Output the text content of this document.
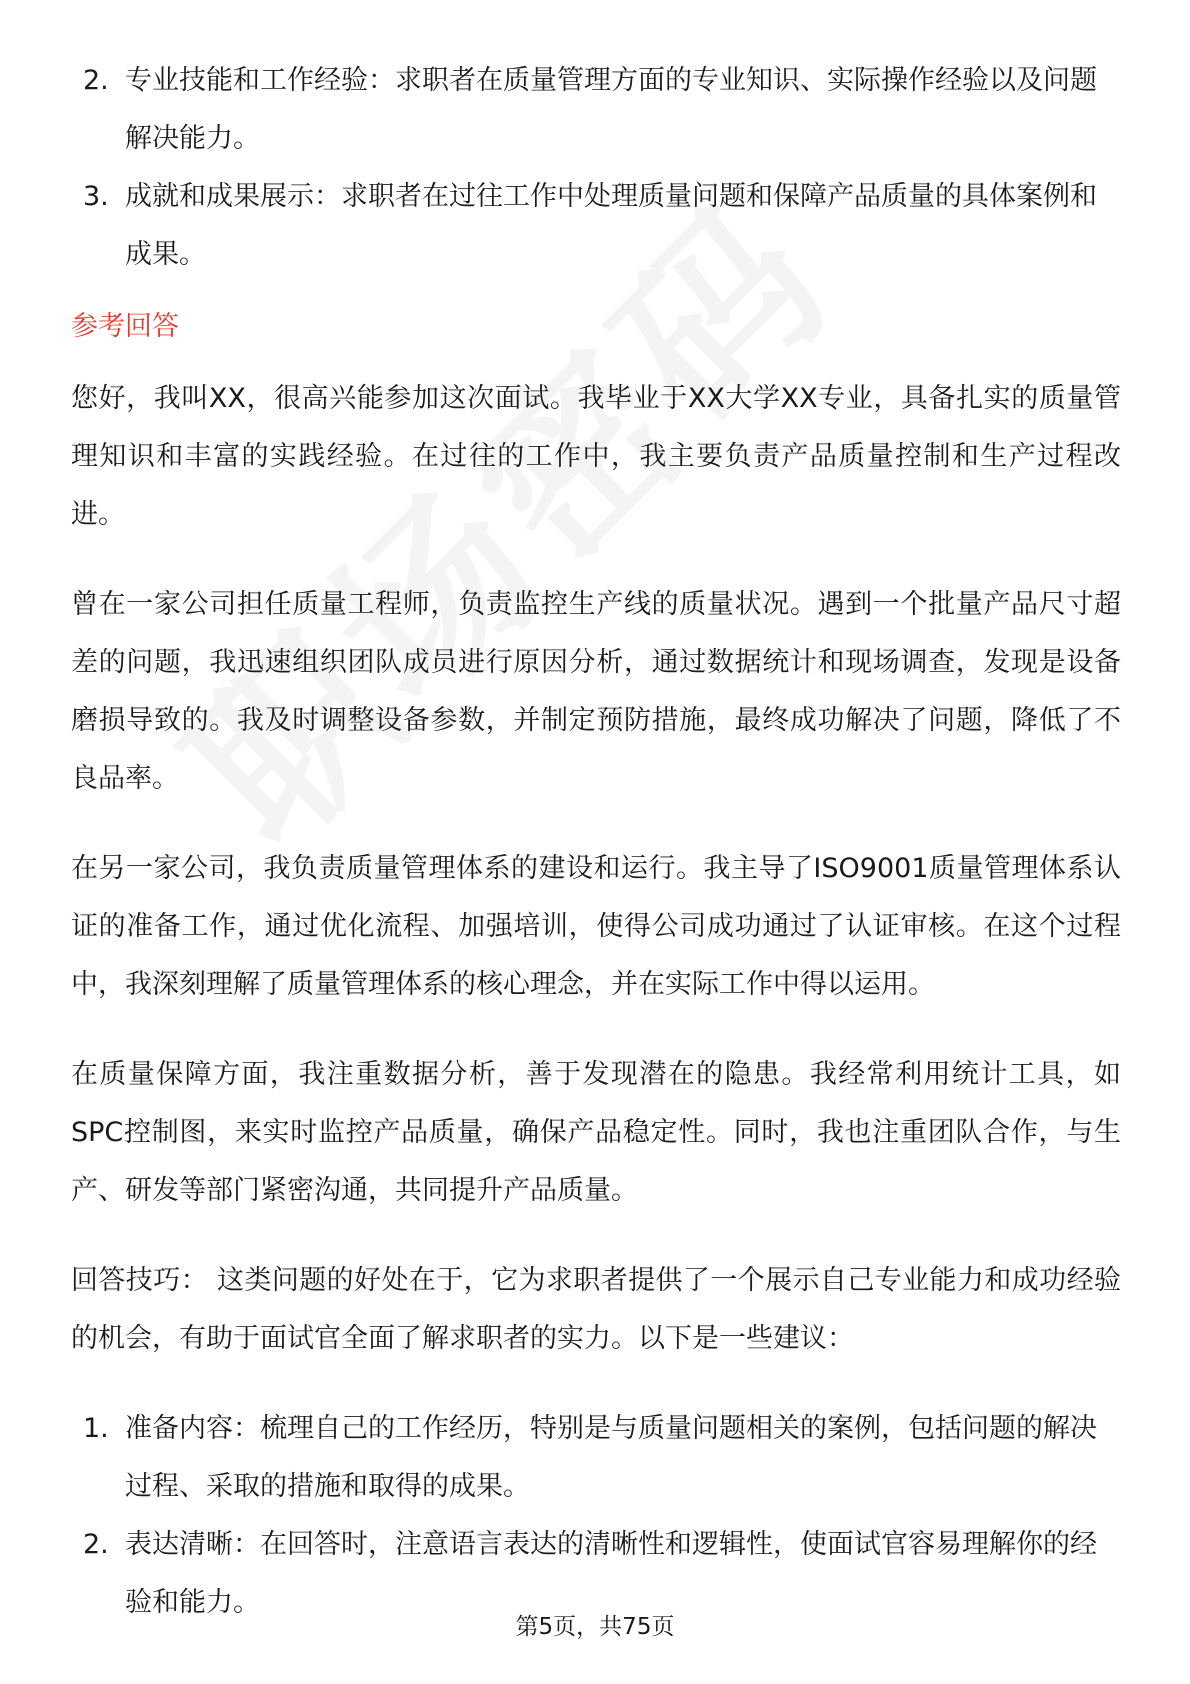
2. 专业技能和工作经验：求职者在质量管理方面的专业知识、实际操作经验以及问题解决能力。
3. 成就和成果展示：求职者在过往工作中处理质量问题和保障产品质量的具体案例和成果。
参考回答

您好，我叫XX，很高兴能参加这次面试。我毕业于XX大学XX专业，具备扎实的质量管理知识和丰富的实践经验。在过往的工作中，我主要负责产品质量控制和生产过程改进。

曾在一家公司担任质量工程师，负责监控生产线的质量状况。遇到一个批量产品尺寸超差的问题，我迅速组织团队成员进行原因分析，通过数据统计和现场调查，发现是设备磨损导致的。我及时调整设备参数，并制定预防措施，最终成功解决了问题，降低了不良品率。

在另一家公司，我负责质量管理体系的建设和运行。我主导了ISO9001质量管理体系认证的准备工作，通过优化流程、加强培训，使得公司成功通过了认证审核。在这个过程中，我深刻理解了质量管理体系的核心理念，并在实际工作中得以运用。

在质量保障方面，我注重数据分析，善于发现潜在的隐患。我经常利用统计工具，如SPC控制图，来实时监控产品质量，确保产品稳定性。同时，我也注重团队合作，与生产、研发等部门紧密沟通，共同提升产品质量。

回答技巧： 这类问题的好处在于，它为求职者提供了一个展示自己专业能力和成功经验的机会，有助于面试官全面了解求职者的实力。以下是一些建议：

1. 准备内容：梳理自己的工作经历，特别是与质量问题相关的案例，包括问题的解决过程、采取的措施和取得的成果。
2. 表达清晰：在回答时，注意语言表达的清晰性和逻辑性，使面试官容易理解你的经验和能力。
第5页，共75页
